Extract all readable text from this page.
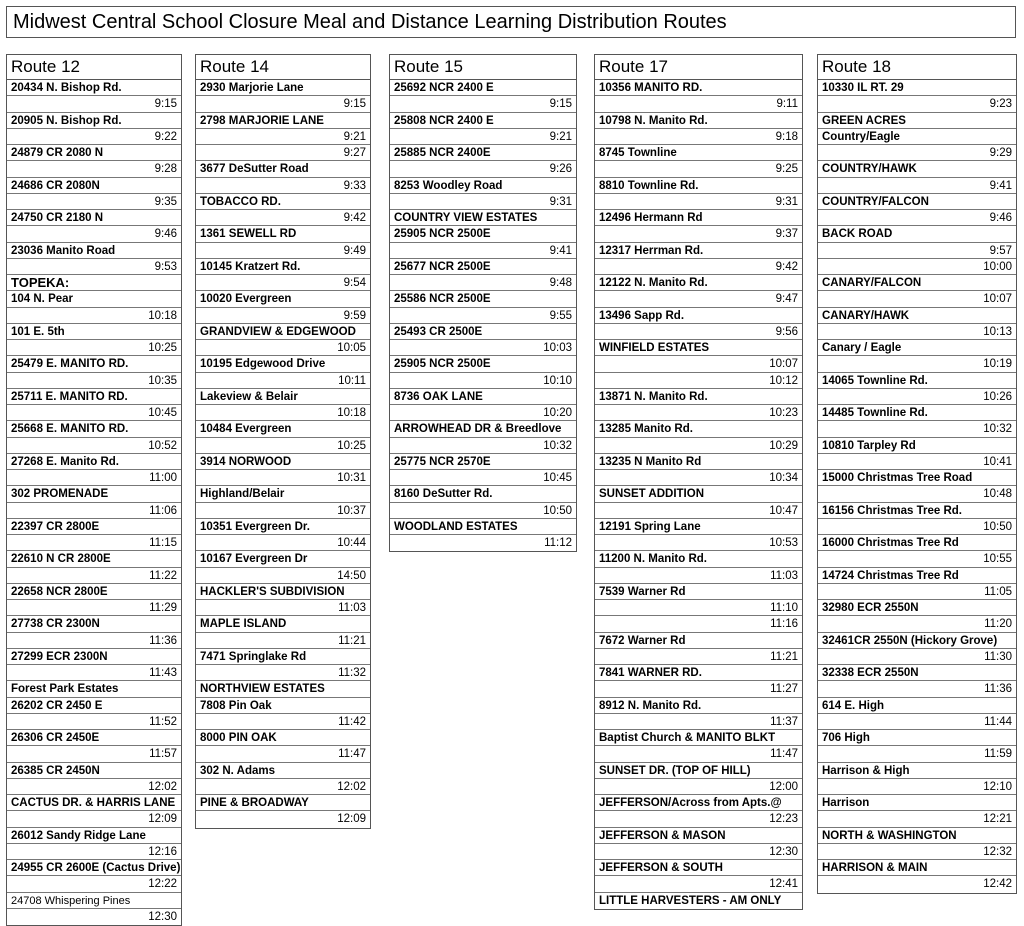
Midwest Central School Closure Meal and Distance Learning Distribution Routes
Route 12
20434 N. Bishop Rd.
9:15
20905 N. Bishop Rd.
9:22
24879 CR 2080 N
9:28
24686 CR 2080N
9:35
24750 CR 2180 N
9:46
23036 Manito Road
9:53
TOPEKA:
104 N. Pear
10:18
101 E. 5th
10:25
25479 E. MANITO RD.
10:35
25711 E. MANITO RD.
10:45
25668 E. MANITO RD.
10:52
27268 E. Manito Rd.
11:00
302 PROMENADE
11:06
22397 CR 2800E
11:15
22610 N CR 2800E
11:22
22658 NCR 2800E
11:29
27738 CR 2300N
11:36
27299 ECR 2300N
11:43
Forest Park Estates
26202 CR 2450 E
11:52
26306 CR 2450E
11:57
26385 CR 2450N
12:02
CACTUS DR. & HARRIS LANE
12:09
26012 Sandy Ridge Lane
12:16
24955 CR 2600E (Cactus Drive)
12:22
24708 Whispering Pines
12:30
Route 14
2930 Marjorie Lane
9:15
2798 MARJORIE LANE
9:21
9:27
3677 DeSutter Road
9:33
TOBACCO RD.
9:42
1361 SEWELL RD
9:49
10145 Kratzert Rd.
9:54
10020 Evergreen
9:59
GRANDVIEW & EDGEWOOD
10:05
10195 Edgewood Drive
10:11
Lakeview & Belair
10:18
10484 Evergreen
10:25
3914 NORWOOD
10:31
Highland/Belair
10:37
10351 Evergreen Dr.
10:44
10167 Evergreen Dr
14:50
HACKLER'S SUBDIVISION
11:03
MAPLE ISLAND
11:21
7471 Springlake Rd
11:32
NORTHVIEW ESTATES
7808 Pin Oak
11:42
8000 PIN OAK
11:47
302 N. Adams
12:02
PINE & BROADWAY
12:09
Route 15
25692 NCR 2400 E
9:15
25808 NCR 2400 E
9:21
25885 NCR 2400E
9:26
8253 Woodley Road
9:31
COUNTRY VIEW ESTATES
25905 NCR 2500E
9:41
25677 NCR 2500E
9:48
25586 NCR 2500E
9:55
25493 CR 2500E
10:03
25905 NCR 2500E
10:10
8736 OAK LANE
10:20
ARROWHEAD DR & Breedlove
10:32
25775 NCR 2570E
10:45
8160 DeSutter Rd.
10:50
WOODLAND ESTATES
11:12
Route 17
10356 MANITO RD.
9:11
10798 N. Manito Rd.
9:18
8745 Townline
9:25
8810 Townline Rd.
9:31
12496 Hermann Rd
9:37
12317 Herrman Rd.
9:42
12122 N. Manito Rd.
9:47
13496 Sapp Rd.
9:56
WINFIELD ESTATES
10:07
10:12
13871 N. Manito Rd.
10:23
13285 Manito Rd.
10:29
13235 N Manito Rd
10:34
SUNSET ADDITION
10:47
12191 Spring Lane
10:53
11200 N. Manito Rd.
11:03
7539 Warner Rd
11:10
11:16
7672 Warner Rd
11:21
7841 WARNER RD.
11:27
8912 N. Manito Rd.
11:37
Baptist Church & MANITO BLKT
11:47
SUNSET DR. (TOP OF HILL)
12:00
JEFFERSON/Across from Apts.@
12:23
JEFFERSON & MASON
12:30
JEFFERSON & SOUTH
12:41
LITTLE HARVESTERS - AM ONLY
Route 18
10330 IL RT. 29
9:23
GREEN ACRES
Country/Eagle
9:29
COUNTRY/HAWK
9:41
COUNTRY/FALCON
9:46
BACK ROAD
9:57
10:00
CANARY/FALCON
10:07
CANARY/HAWK
10:13
Canary / Eagle
10:19
14065 Townline Rd.
10:26
14485 Townline Rd.
10:32
10810 Tarpley Rd
10:41
15000 Christmas Tree Road
10:48
16156 Christmas Tree Rd.
10:50
16000 Christmas Tree Rd
10:55
14724 Christmas Tree Rd
11:05
32980 ECR 2550N
11:20
32461CR 2550N (Hickory Grove)
11:30
32338 ECR 2550N
11:36
614 E. High
11:44
706 High
11:59
Harrison & High
12:10
Harrison
12:21
NORTH & WASHINGTON
12:32
HARRISON & MAIN
12:42
